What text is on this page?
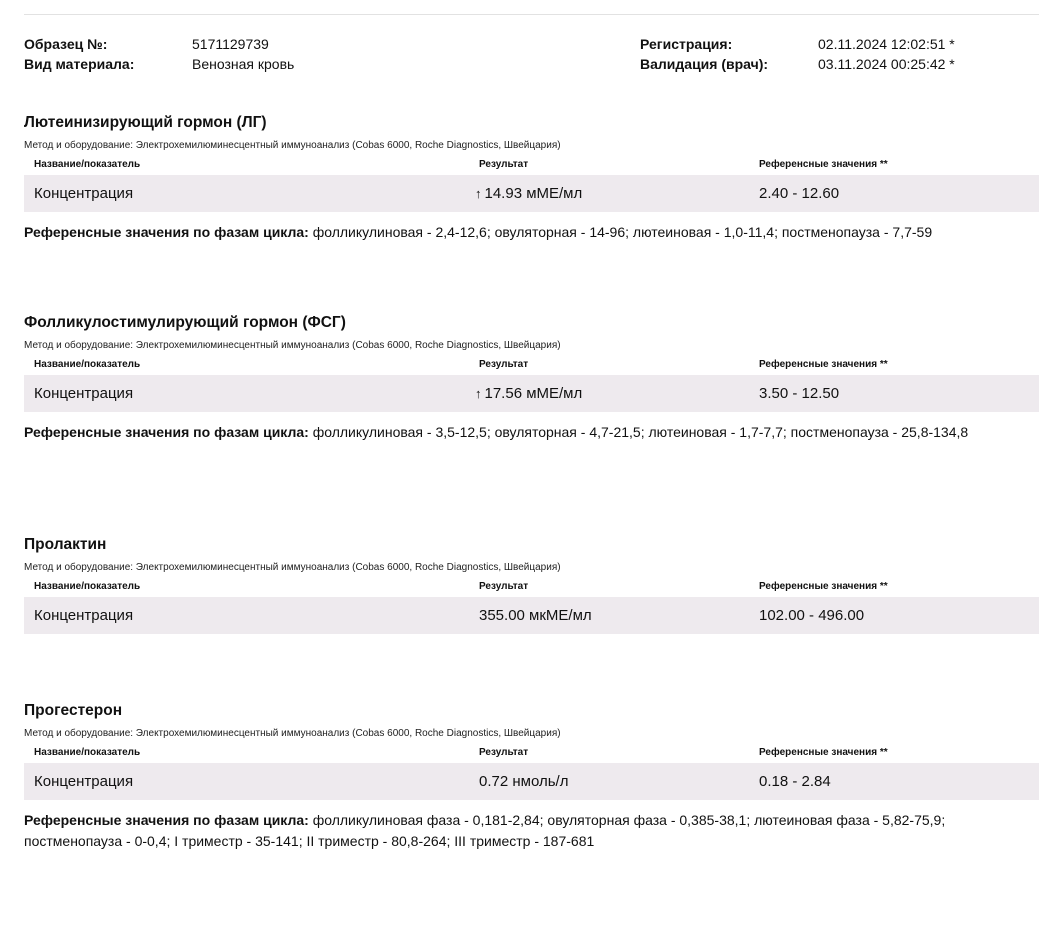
Образец №:	5171129739	Регистрация:	02.11.2024 12:02:51 *
Вид материала:	Венозная кровь	Валидация (врач):	03.11.2024 00:25:42 *
Лютеинизирующий гормон (ЛГ)
Метод и оборудование: Электрохемилюминесцентный иммуноанализ (Cobas 6000, Roche Diagnostics, Швейцария)
Название/показатель	Результат	Референсные значения **
Концентрация	↑ 14.93 мМЕ/мл	2.40 - 12.60
Референсные значения по фазам цикла: фолликулиновая - 2,4-12,6; овуляторная - 14-96; лютеиновая - 1,0-11,4; постменопауза - 7,7-59
Фолликулостимулирующий гормон (ФСГ)
Метод и оборудование: Электрохемилюминесцентный иммуноанализ (Cobas 6000, Roche Diagnostics, Швейцария)
Название/показатель	Результат	Референсные значения **
Концентрация	↑ 17.56 мМЕ/мл	3.50 - 12.50
Референсные значения по фазам цикла: фолликулиновая - 3,5-12,5; овуляторная - 4,7-21,5; лютеиновая - 1,7-7,7; постменопауза - 25,8-134,8
Пролактин
Метод и оборудование: Электрохемилюминесцентный иммуноанализ (Cobas 6000, Roche Diagnostics, Швейцария)
Название/показатель	Результат	Референсные значения **
Концентрация	355.00 мкМЕ/мл	102.00 - 496.00
Прогестерон
Метод и оборудование: Электрохемилюминесцентный иммуноанализ (Cobas 6000, Roche Diagnostics, Швейцария)
Название/показатель	Результат	Референсные значения **
Концентрация	0.72 нмоль/л	0.18 - 2.84
Референсные значения по фазам цикла: фолликулиновая фаза - 0,181-2,84; овуляторная фаза - 0,385-38,1; лютеиновая фаза - 5,82-75,9; постменопауза - 0-0,4; I триместр - 35-141; II триместр - 80,8-264; III триместр - 187-681
